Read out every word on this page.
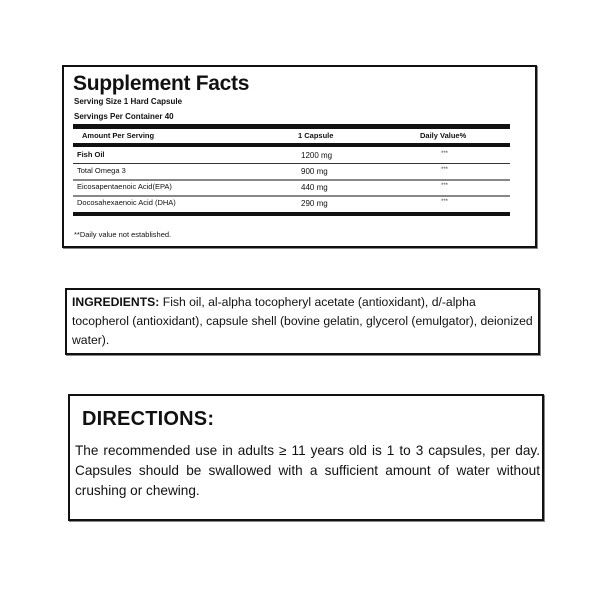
Supplement Facts
Serving Size 1 Hard Capsule
Servings Per Container 40
Amount Per Serving	1 Capsule	Daily Value%
Fish Oil	1200 mg	***
Total Omega 3	900 mg	***
Eicosapentaenoic Acid(EPA)	440 mg	***
Docosahexaenoic Acid (DHA)	290 mg	***
**Daily value not established.
INGREDIENTS: Fish oil, al-alpha tocopheryl acetate (antioxidant), d/-alpha tocopherol (antioxidant), capsule shell (bovine gelatin, glycerol (emulgator), deionized water).
DIRECTIONS:
The recommended use in adults ≥ 11 years old is 1 to 3 capsules, per day. Capsules should be swallowed with a sufficient amount of water without crushing or chewing.
